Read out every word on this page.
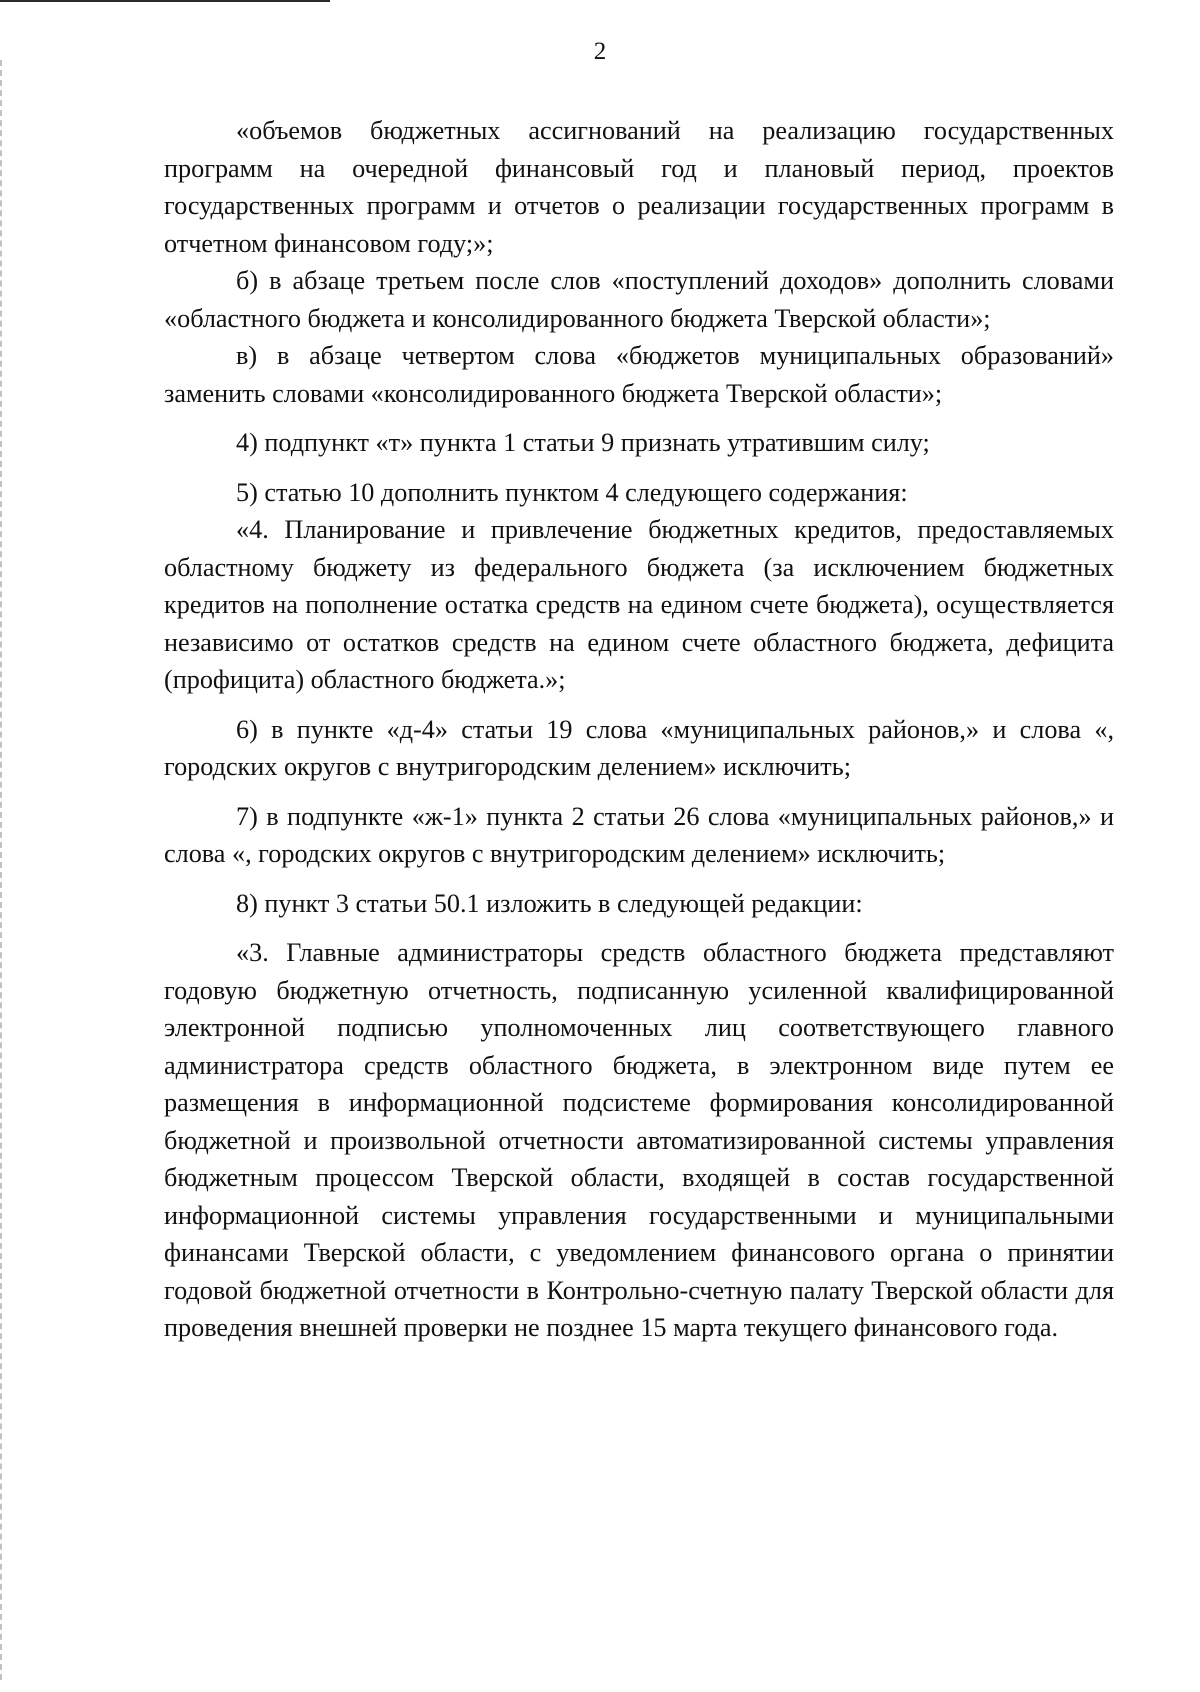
2

«объемов бюджетных ассигнований на реализацию государственных программ на очередной финансовый год и плановый период, проектов государственных программ и отчетов о реализации государственных программ в отчетном финансовом году;»;

б) в абзаце третьем после слов «поступлений доходов» дополнить словами «областного бюджета и консолидированного бюджета Тверской области»;

в) в абзаце четвертом слова «бюджетов муниципальных образований» заменить словами «консолидированного бюджета Тверской области»;

4) подпункт «т» пункта 1 статьи 9 признать утратившим силу;

5) статью 10 дополнить пунктом 4 следующего содержания:

«4. Планирование и привлечение бюджетных кредитов, предоставляемых областному бюджету из федерального бюджета (за исключением бюджетных кредитов на пополнение остатка средств на едином счете бюджета), осуществляется независимо от остатков средств на едином счете областного бюджета, дефицита (профицита) областного бюджета.»;

6) в пункте «д-4» статьи 19 слова «муниципальных районов,» и слова «, городских округов с внутригородским делением» исключить;

7) в подпункте «ж-1» пункта 2 статьи 26 слова «муниципальных районов,» и слова «, городских округов с внутригородским делением» исключить;

8) пункт 3 статьи 50.1 изложить в следующей редакции:

«3. Главные администраторы средств областного бюджета представляют годовую бюджетную отчетность, подписанную усиленной квалифицированной электронной подписью уполномоченных лиц соответствующего главного администратора средств областного бюджета, в электронном виде путем ее размещения в информационной подсистеме формирования консолидированной бюджетной и произвольной отчетности автоматизированной системы управления бюджетным процессом Тверской области, входящей в состав государственной информационной системы управления государственными и муниципальными финансами Тверской области, с уведомлением финансового органа о принятии годовой бюджетной отчетности в Контрольно-счетную палату Тверской области для проведения внешней проверки не позднее 15 марта текущего финансового года.
